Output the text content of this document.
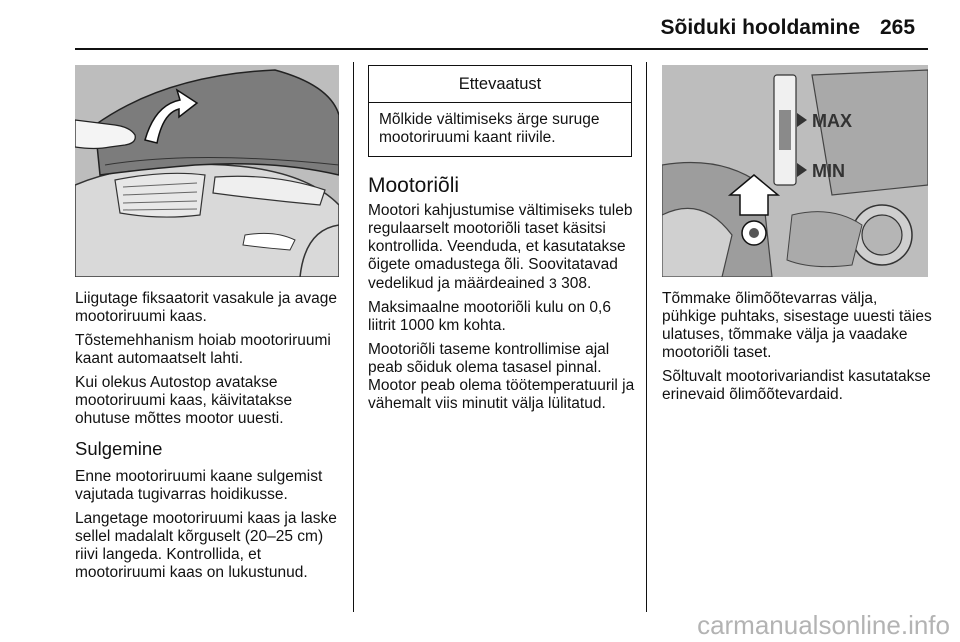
Sõiduki hooldamine 265

Liigutage fiksaatorit vasakule ja avage mootoriruumi kaas.

Tõstemehhanism hoiab mootoriruumi kaant automaatselt lahti.

Kui olekus Autostop avatakse mootoriruumi kaas, käivitatakse ohutuse mõttes mootor uuesti.

Sulgemine

Enne mootoriruumi kaane sulgemist vajutada tugivarras hoidikusse.

Langetage mootoriruumi kaas ja laske sellel madalalt kõrguselt (20–25 cm) riivi langeda. Kontrollida, et mootoriruumi kaas on lukustunud.

Ettevaatust
Mõlkide vältimiseks ärge suruge mootoriruumi kaant riivile.
Mootoriõli

Mootori kahjustumise vältimiseks tuleb regulaarselt mootoriõli taset käsitsi kontrollida. Veenduda, et kasutatakse õigete omadustega õli. Soovitatavad vedelikud ja määrdeained 3 308.

Maksimaalne mootoriõli kulu on 0,6 liitrit 1000 km kohta.

Mootoriõli taseme kontrollimise ajal peab sõiduk olema tasasel pinnal. Mootor peab olema töötemperatuuril ja vähemalt viis minutit välja lülitatud.

MAX
MIN

Tõmmake õlimõõtevarras välja, pühkige puhtaks, sisestage uuesti täies ulatuses, tõmmake välja ja vaadake mootoriõli taset.

Sõltuvalt mootorivariandist kasutatakse erinevaid õlimõõtevardaid.

carmanualsonline.info
